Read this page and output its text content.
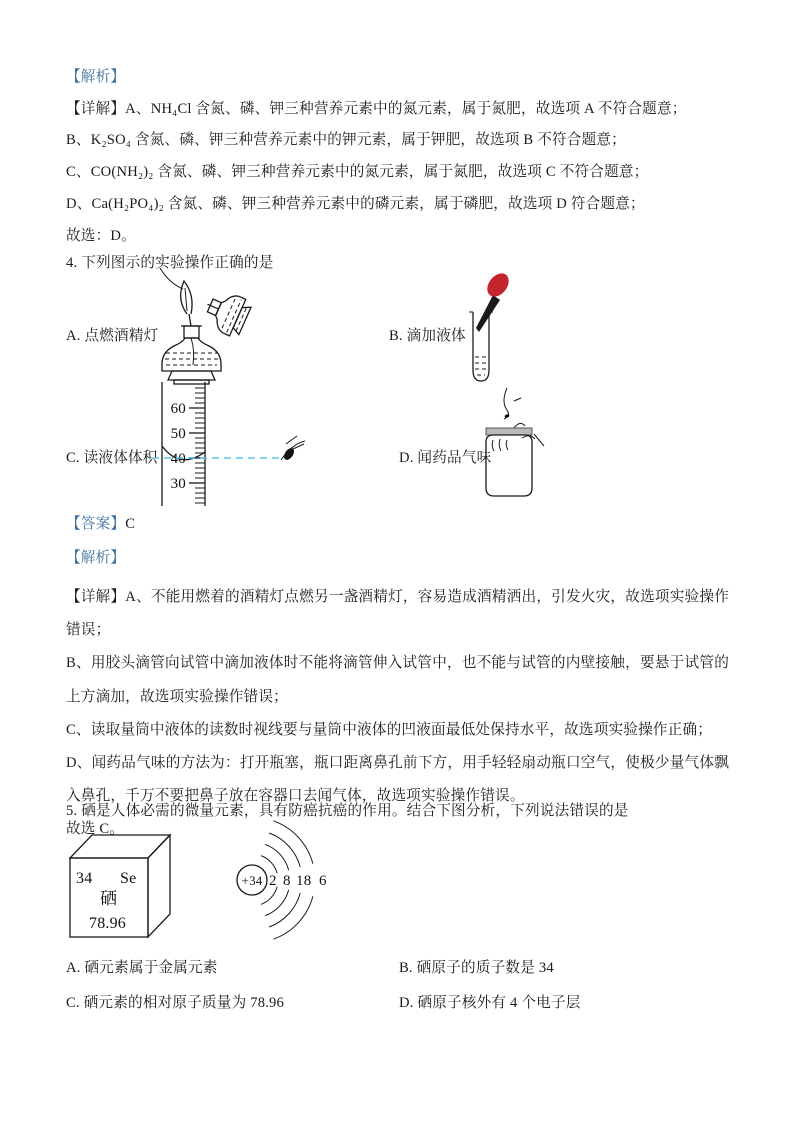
【解析】

【详解】A、NH₄Cl 含氮、磷、钾三种营养元素中的氮元素，属于氮肥，故选项 A 不符合题意；

B、K₂SO₄ 含氮、磷、钾三种营养元素中的钾元素，属于钾肥，故选项 B 不符合题意；

C、CO(NH₂)₂ 含氮、磷、钾三种营养元素中的氮元素，属于氮肥，故选项 C 不符合题意；

D、Ca(H₂PO₄)₂ 含氮、磷、钾三种营养元素中的磷元素，属于磷肥，故选项 D 符合题意；

故选：D。

4. 下列图示的实验操作正确的是
A. 点燃酒精灯	B. 滴加液体
C. 读液体体积	D. 闻药品气味
60
50
40
30
【答案】C
【解析】

【详解】A、不能用燃着的酒精灯点燃另一盏酒精灯，容易造成酒精洒出，引发火灾，故选项实验操作错误；

B、用胶头滴管向试管中滴加液体时不能将滴管伸入试管中，也不能与试管的内壁接触，要悬于试管的上方滴加，故选项实验操作错误；

C、读取量筒中液体的读数时视线要与量筒中液体的凹液面最低处保持水平，故选项实验操作正确；

D、闻药品气味的方法为：打开瓶塞，瓶口距离鼻孔前下方，用手轻轻扇动瓶口空气，使极少量气体飘入鼻孔，千万不要把鼻子放在容器口去闻气体，故选项实验操作错误。

故选 C。

5. 硒是人体必需的微量元素，具有防癌抗癌的作用。结合下图分析，下列说法错误的是
34 Se
硒
78.96
+34 2 8 18 6
A. 硒元素属于金属元素	B. 硒原子的质子数是 34
C. 硒元素的相对原子质量为 78.96	D. 硒原子核外有 4 个电子层
